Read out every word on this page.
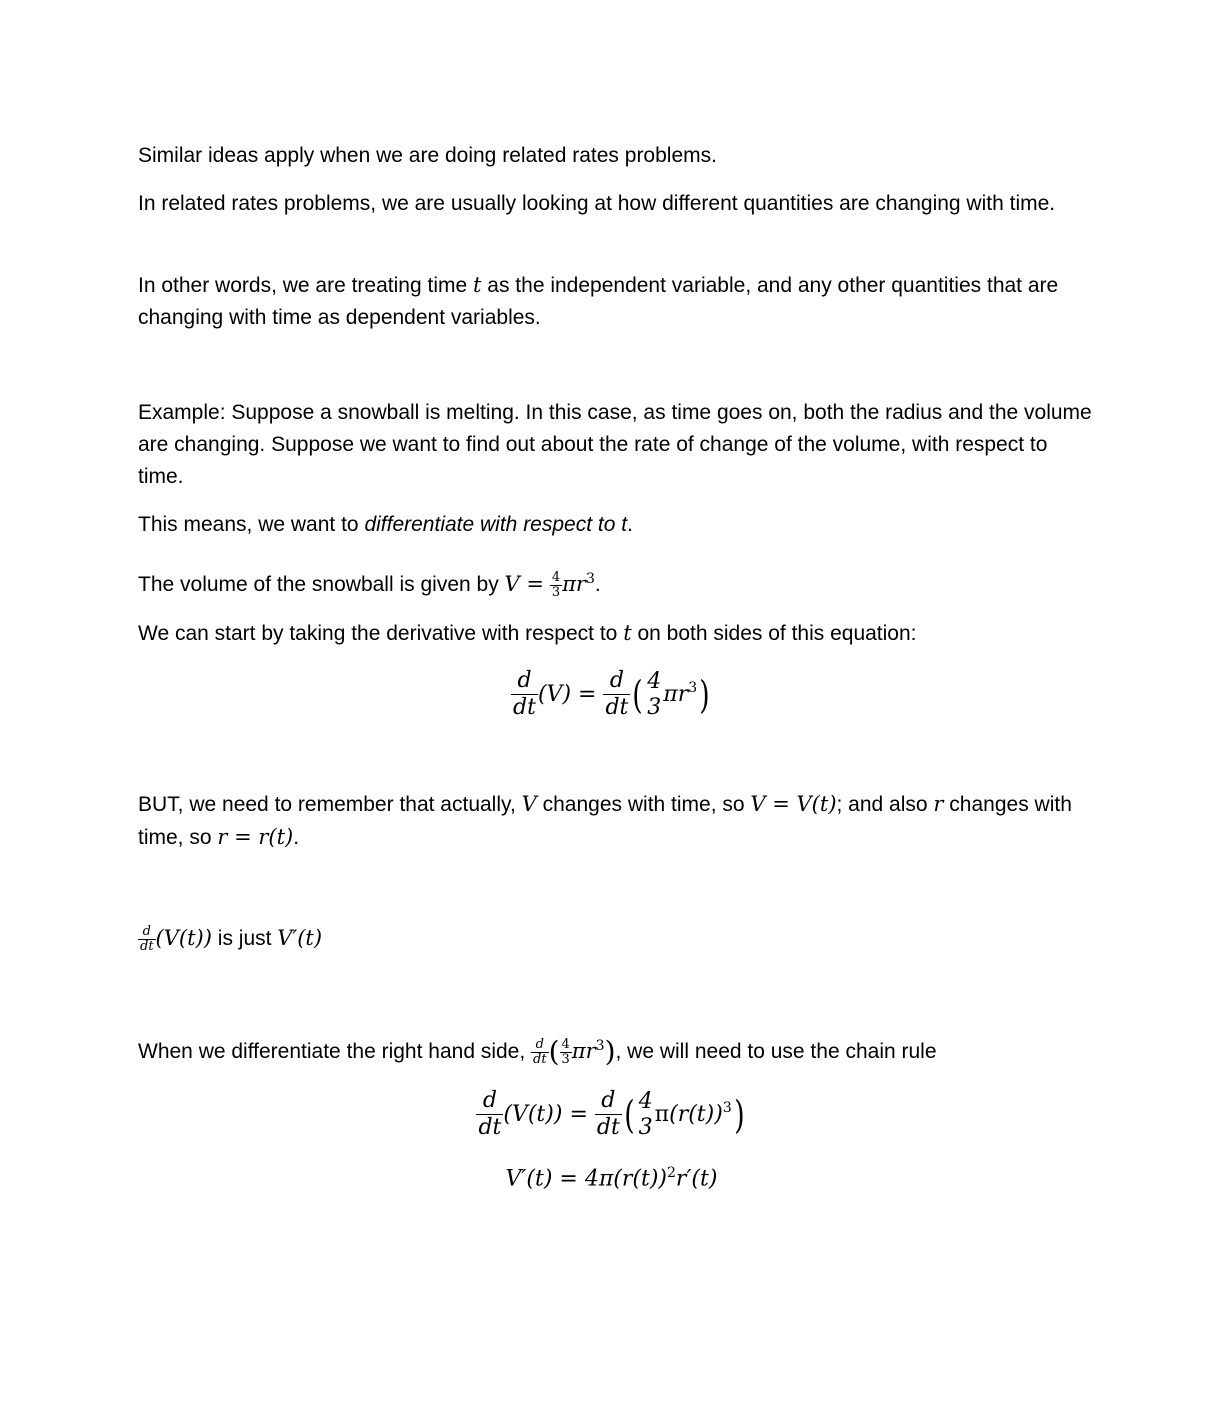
Similar ideas apply when we are doing related rates problems.

In related rates problems, we are usually looking at how different quantities are changing with time.

In other words, we are treating time t as the independent variable, and any other quantities that are changing with time as dependent variables.

Example: Suppose a snowball is melting. In this case, as time goes on, both the radius and the volume are changing. Suppose we want to find out about the rate of change of the volume, with respect to time.

This means, we want to differentiate with respect to t.

The volume of the snowball is given by $V = \frac{4}{3} \pi r^3$.

We can start by taking the derivative with respect to t on both sides of this equation:

$\frac{d}{dt} (V) = \frac{d}{dt}$ ( 4
3 $\pi r^3$)

BUT, we need to remember that actually, V changes with time, so V = V(t); and also r changes with time, so r = r(t).

$\frac{d}{dt} (V(t))$ is just V′(t)

When we differentiate the right hand side, $\frac{d}{dt}$ ( $\frac{4}{3} \pi r^3$), we will need to use the chain rule

$\frac{d}{dt} (V(t)) = \frac{d}{dt}$ ( 4
3 $\pi(r(t))^3$)
$V'(t) = 4\pi(r(t))^2r'(t)$
